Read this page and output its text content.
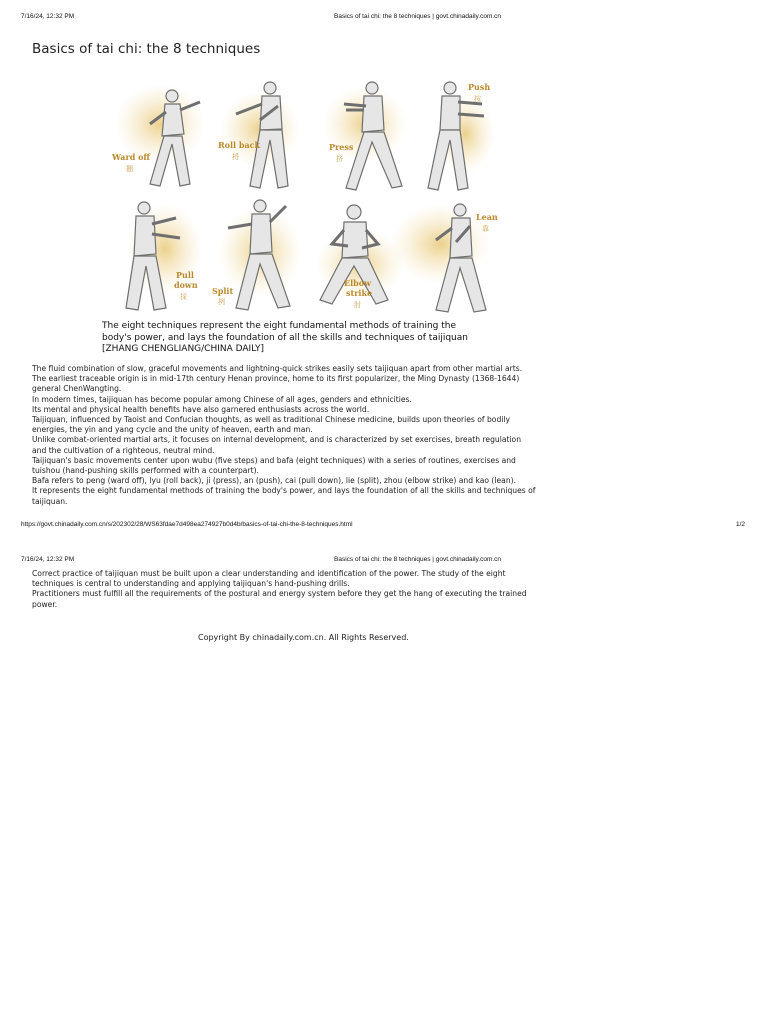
7/16/24, 12:32 PM	Basics of tai chi: the 8 techniques | govt.chinadaily.com.cn
Basics of tai chi: the 8 techniques
Ward off
掤
Roll back
捋
Press
挤
Push
按
Pull
down
採
Split
挒
Elbow
strike
肘
Lean
靠

The eight techniques represent the eight fundamental methods of training the

body's power, and lays the foundation of all the skills and techniques of taijiquan

[ZHANG CHENGLIANG/CHINA DAILY]

The fluid combination of slow, graceful movements and lightning-quick strikes easily sets taijiquan apart from other martial arts.

The earliest traceable origin is in mid-17th century Henan province, home to its first popularizer, the Ming Dynasty (1368-1644)

general ChenWangting.

In modern times, taijiquan has become popular among Chinese of all ages, genders and ethnicities.

Its mental and physical health benefits have also garnered enthusiasts across the world.

Taijiquan, influenced by Taoist and Confucian thoughts, as well as traditional Chinese medicine, builds upon theories of bodily

energies, the yin and yang cycle and the unity of heaven, earth and man.

Unlike combat-oriented martial arts, it focuses on internal development, and is characterized by set exercises, breath regulation

and the cultivation of a righteous, neutral mind.

Taijiquan's basic movements center upon wubu (five steps) and bafa (eight techniques) with a series of routines, exercises and

tuishou (hand-pushing skills performed with a counterpart).

Bafa refers to peng (ward off), lyu (roll back), ji (press), an (push), cai (pull down), lie (split), zhou (elbow strike) and kao (lean).

It represents the eight fundamental methods of training the body's power, and lays the foundation of all the skills and techniques of

taijiquan.

https://govt.chinadaily.com.cn/s/202302/28/WS63fdae7d498ea274927b0d4b/basics-of-tai-chi-the-8-techniques.html	1/2
7/16/24, 12:32 PM	Basics of tai chi: the 8 techniques | govt.chinadaily.com.cn

Correct practice of taijiquan must be built upon a clear understanding and identification of the power. The study of the eight

techniques is central to understanding and applying taijiquan's hand-pushing drills.

Practitioners must fulfill all the requirements of the postural and energy system before they get the hang of executing the trained

power.

Copyright By chinadaily.com.cn. All Rights Reserved.
